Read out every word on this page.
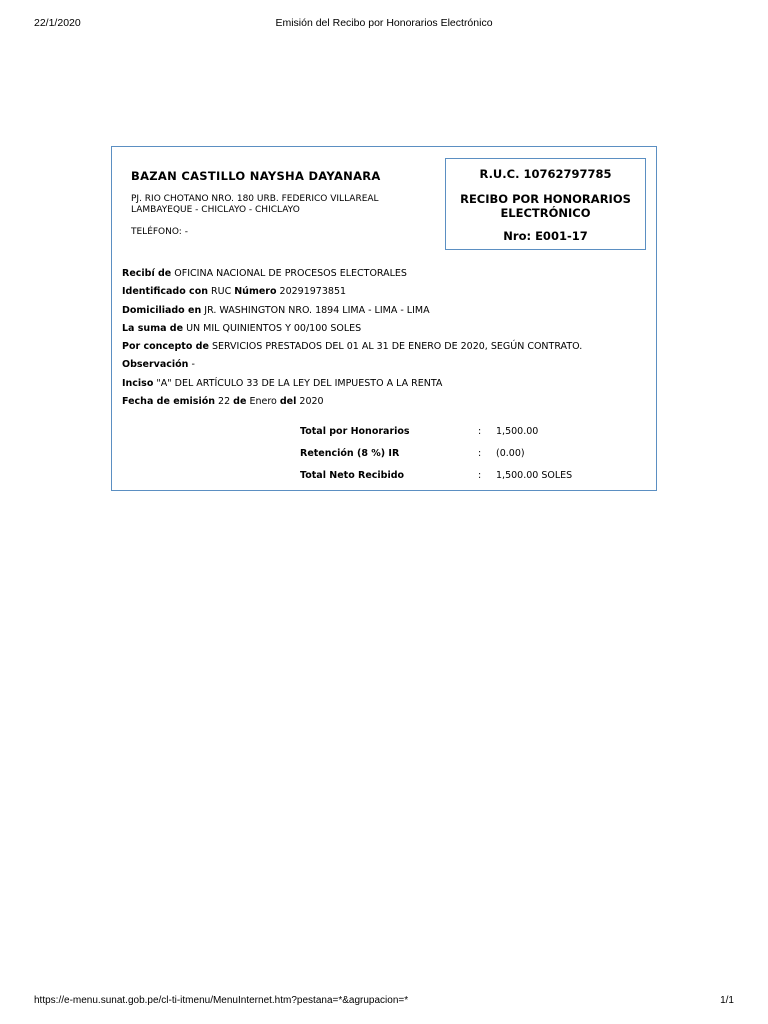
22/1/2020	Emisión del Recibo por Honorarios Electrónico
BAZAN CASTILLO NAYSHA DAYANARA
PJ. RIO CHOTANO NRO. 180 URB. FEDERICO VILLAREAL
LAMBAYEQUE - CHICLAYO - CHICLAYO
TELÉFONO: -
R.U.C. 10762797785
RECIBO POR HONORARIOS
ELECTRÓNICO
Nro: E001-17
Recibí de OFICINA NACIONAL DE PROCESOS ELECTORALES
Identificado con RUC Número 20291973851
Domiciliado en JR. WASHINGTON NRO. 1894 LIMA - LIMA - LIMA
La suma de UN MIL QUINIENTOS Y 00/100 SOLES
Por concepto de SERVICIOS PRESTADOS DEL 01 AL 31 DE ENERO DE 2020, SEGÚN CONTRATO.
Observación -
Inciso "A" DEL ARTÍCULO 33 DE LA LEY DEL IMPUESTO A LA RENTA
Fecha de emisión 22 de Enero del 2020
Total por Honorarios	: 1,500.00
Retención (8 %) IR	: (0.00)
Total Neto Recibido	: 1,500.00 SOLES
https://e-menu.sunat.gob.pe/cl-ti-itmenu/MenuInternet.htm?pestana=*&agrupacion=*	1/1
